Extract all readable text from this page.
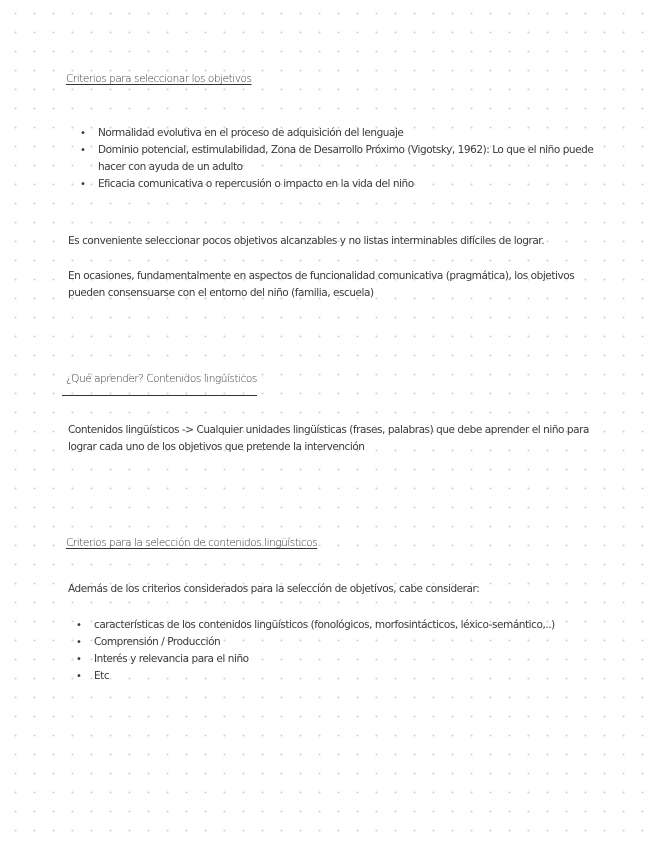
Criterios para seleccionar los objetivos
• Normalidad evolutiva en el proceso de adquisición del lenguaje
• Dominio potencial, estimulabilidad, Zona de Desarrollo Próximo (Vigotsky, 1962): Lo que el niño puede hacer con ayuda de un adulto
• Eficacia comunicativa o repercusión o impacto en la vida del niño

Es conveniente seleccionar pocos objetivos alcanzables y no listas interminables difíciles de lograr.

En ocasiones, fundamentalmente en aspectos de funcionalidad comunicativa (pragmática), los objetivos pueden consensuarse con el entorno del niño (familia, escuela)

¿Qué aprender? Contenidos lingüísticos

Contenidos lingüísticos -> Cualquier unidades lingüísticas (frases, palabras) que debe aprender el niño para lograr cada uno de los objetivos que pretende la intervención

Criterios para la selección de contenidos lingüísticos

Además de los criterios considerados para la selección de objetivos, cabe considerar:

• características de los contenidos lingüísticos (fonológicos, morfosintácticos, léxico-semántico,..)
• Comprensión / Producción
• Interés y relevancia para el niño
• Etc
